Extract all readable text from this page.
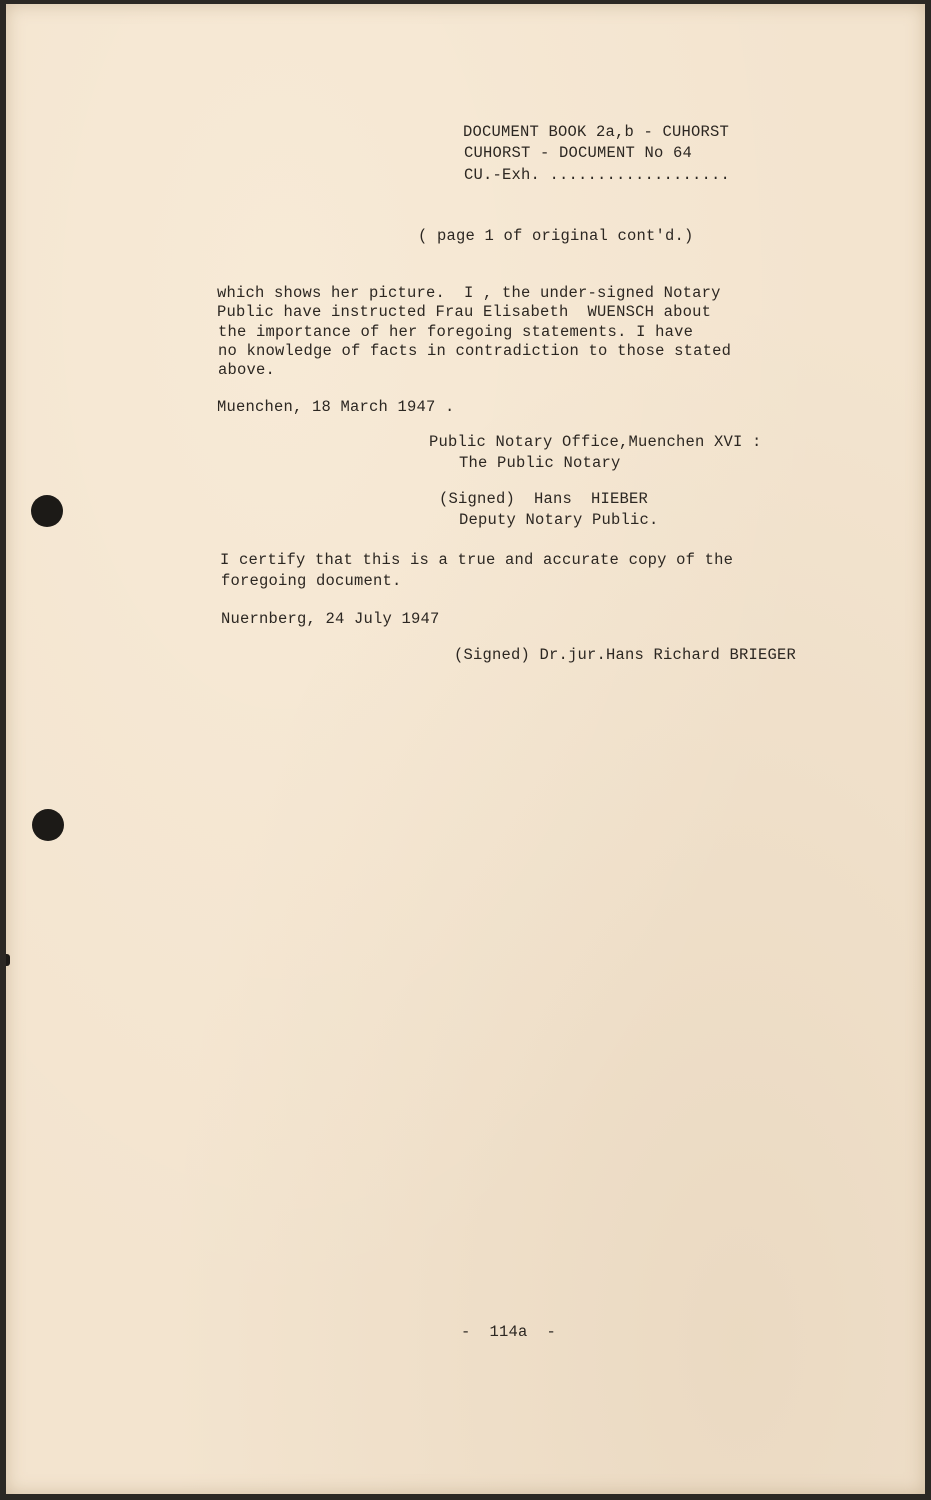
DOCUMENT BOOK 2a,b - CUHORST
CUHORST - DOCUMENT No 64
CU.-Exh. ...................
( page 1 of original cont'd.)
which shows her picture.  I , the under-signed Notary
Public have instructed Frau Elisabeth  WUENSCH about
the importance of her foregoing statements. I have
no knowledge of facts in contradiction to those stated
above.
Muenchen, 18 March 1947 .
Public Notary Office,Muenchen XVI :
The Public Notary
(Signed)  Hans  HIEBER
Deputy Notary Public.
I certify that this is a true and accurate copy of the
foregoing document.
Nuernberg, 24 July 1947
(Signed) Dr.jur.Hans Richard BRIEGER
-  114a  -
